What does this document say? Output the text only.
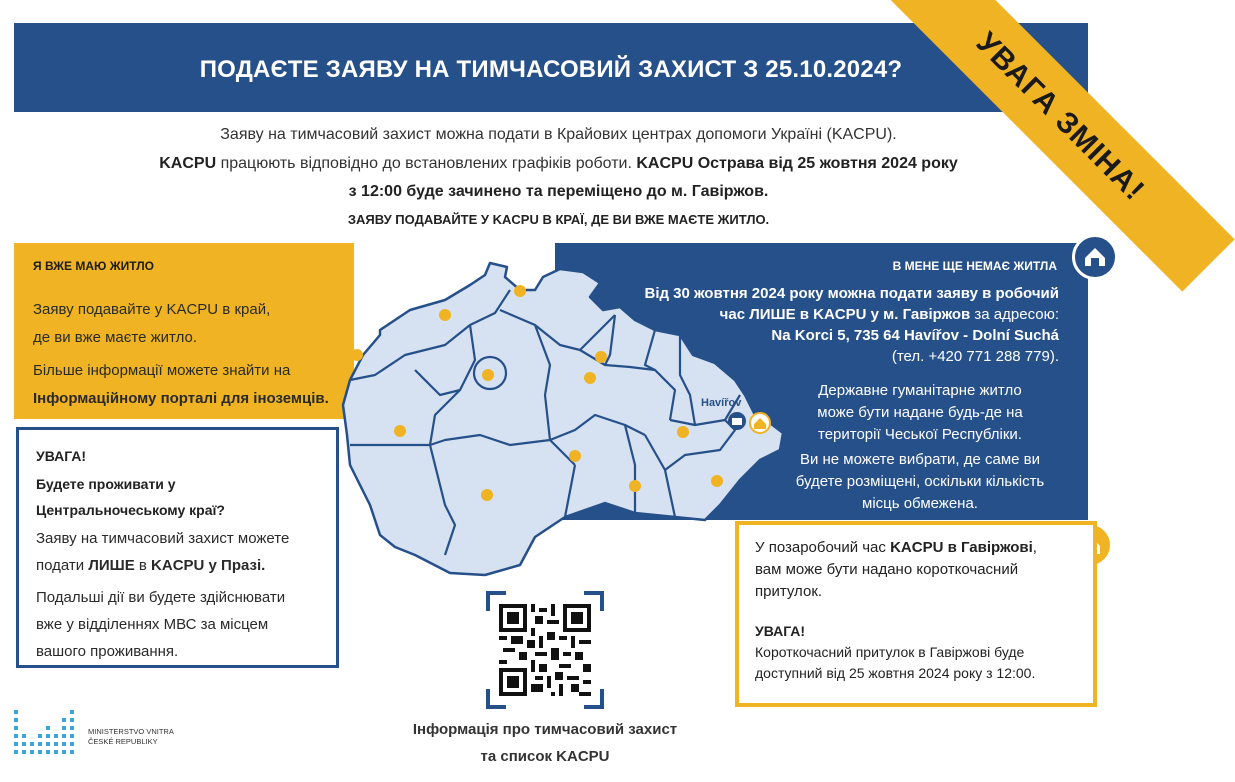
ПОДАЄТЕ ЗАЯВУ НА ТИМЧАСОВИЙ ЗАХИСТ З 25.10.2024?	УВАГА ЗМІНА!
Заяву на тимчасовий захист можна подати в Крайових центрах допомоги Україні (KACPU).
KACPU працюють відповідно до встановлених графіків роботи. KACPU Острава від 25 жовтня 2024 року
з 12:00 буде зачинено та переміщено до м. Гавіржов.
ЗАЯВУ ПОДАВАЙТЕ У KACPU В КРАЇ, ДЕ ВИ ВЖЕ МАЄТЕ ЖИТЛО.
Havířov
Я ВЖЕ МАЮ ЖИТЛО
Заяву подавайте у KACPU в край,
де ви вже маєте житло.
Більше інформації можете знайти на
Інформаційному порталі для іноземців.
УВАГА!
Будете проживати у
Центральночеському краї?
Заяву на тимчасовий захист можете
подати ЛИШЕ в KACPU у Празі.
Подальші дії ви будете здійснювати
вже у відділеннях МВС за місцем
вашого проживання.
В МЕНЕ ЩЕ НЕМАЄ ЖИТЛА
Від 30 жовтня 2024 року можна подати заяву в робочий
час ЛИШЕ в KACPU у м. Гавіржов за адресою:
Na Korcі 5, 735 64 Havířov - Dolní Suchá
(тел. +420 771 288 779).
Державне гуманітарне житло
може бути надане будь-де на
території Чеської Республіки.
Ви не можете вибрати, де саме ви
будете розміщені, оскільки кількість
місць обмежена.
У позаробочий час KACPU в Гавіржові,
вам може бути надано короткочасний
притулок.
УВАГА!
Короткочасний притулок в Гавіржові буде
доступний від 25 жовтня 2024 року з 12:00.
Інформація про тимчасовий захист
та список KACPU
MINISTERSTVO VNITRA
ČESKÉ REPUBLIKY
